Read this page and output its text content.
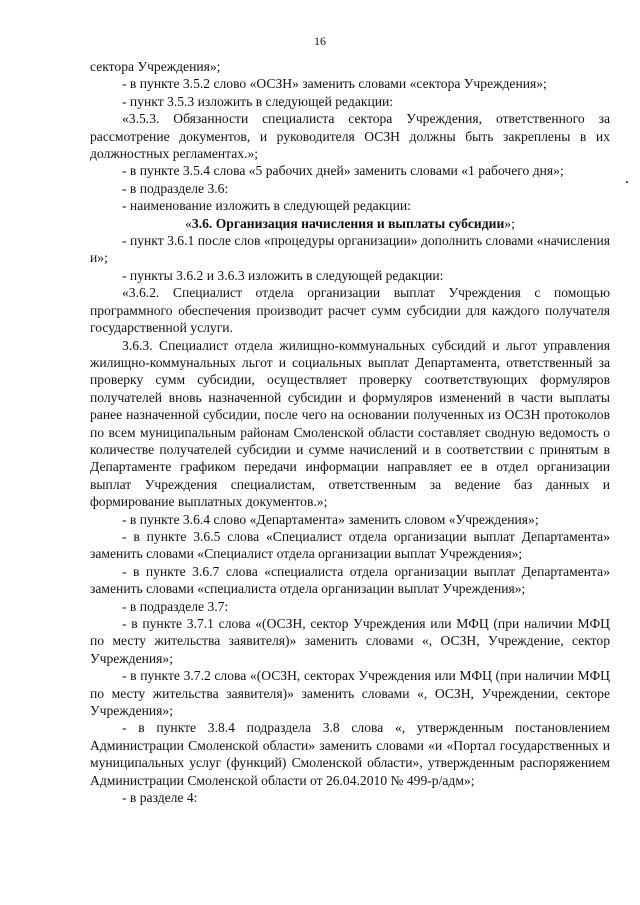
16

сектора Учреждения»;

- в пункте 3.5.2 слово «ОСЗН» заменить словами «сектора Учреждения»;

- пункт 3.5.3 изложить в следующей редакции:

«3.5.3. Обязанности специалиста сектора Учреждения, ответственного за рассмотрение документов, и руководителя ОСЗН должны быть закреплены в их должностных регламентах.»;

- в пункте 3.5.4 слова «5 рабочих дней» заменить словами «1 рабочего дня»;

- в подразделе 3.6:

- наименование изложить в следующей редакции:

«3.6. Организация начисления и выплаты субсидии»;

- пункт 3.6.1 после слов «процедуры организации» дополнить словами «начисления и»;

- пункты 3.6.2 и 3.6.3 изложить в следующей редакции:

«3.6.2. Специалист отдела организации выплат Учреждения с помощью программного обеспечения производит расчет сумм субсидии для каждого получателя государственной услуги.

3.6.3. Специалист отдела жилищно-коммунальных субсидий и льгот управления жилищно-коммунальных льгот и социальных выплат Департамента, ответственный за проверку сумм субсидии, осуществляет проверку соответствующих формуляров получателей вновь назначенной субсидии и формуляров изменений в части выплаты ранее назначенной субсидии, после чего на основании полученных из ОСЗН протоколов по всем муниципальным районам Смоленской области составляет сводную ведомость о количестве получателей субсидии и сумме начислений и в соответствии с принятым в Департаменте графиком передачи информации направляет ее в отдел организации выплат Учреждения специалистам, ответственным за ведение баз данных и формирование выплатных документов.»;

- в пункте 3.6.4 слово «Департамента» заменить словом «Учреждения»;

- в пункте 3.6.5 слова «Специалист отдела организации выплат Департамента» заменить словами «Специалист отдела организации выплат Учреждения»;

- в пункте 3.6.7 слова «специалиста отдела организации выплат Департамента» заменить словами «специалиста отдела организации выплат Учреждения»;

- в подразделе 3.7:

- в пункте 3.7.1 слова «(ОСЗН, сектор Учреждения или МФЦ (при наличии МФЦ по месту жительства заявителя)» заменить словами «, ОСЗН, Учреждение, сектор Учреждения»;

- в пункте 3.7.2 слова «(ОСЗН, секторах Учреждения или МФЦ (при наличии МФЦ по месту жительства заявителя)» заменить словами «, ОСЗН, Учреждении, секторе Учреждения»;

- в пункте 3.8.4 подраздела 3.8 слова «, утвержденным постановлением Администрации Смоленской области» заменить словами «и «Портал государственных и муниципальных услуг (функций) Смоленской области», утвержденным распоряжением Администрации Смоленской области от 26.04.2010 № 499-р/адм»;

- в разделе 4:
